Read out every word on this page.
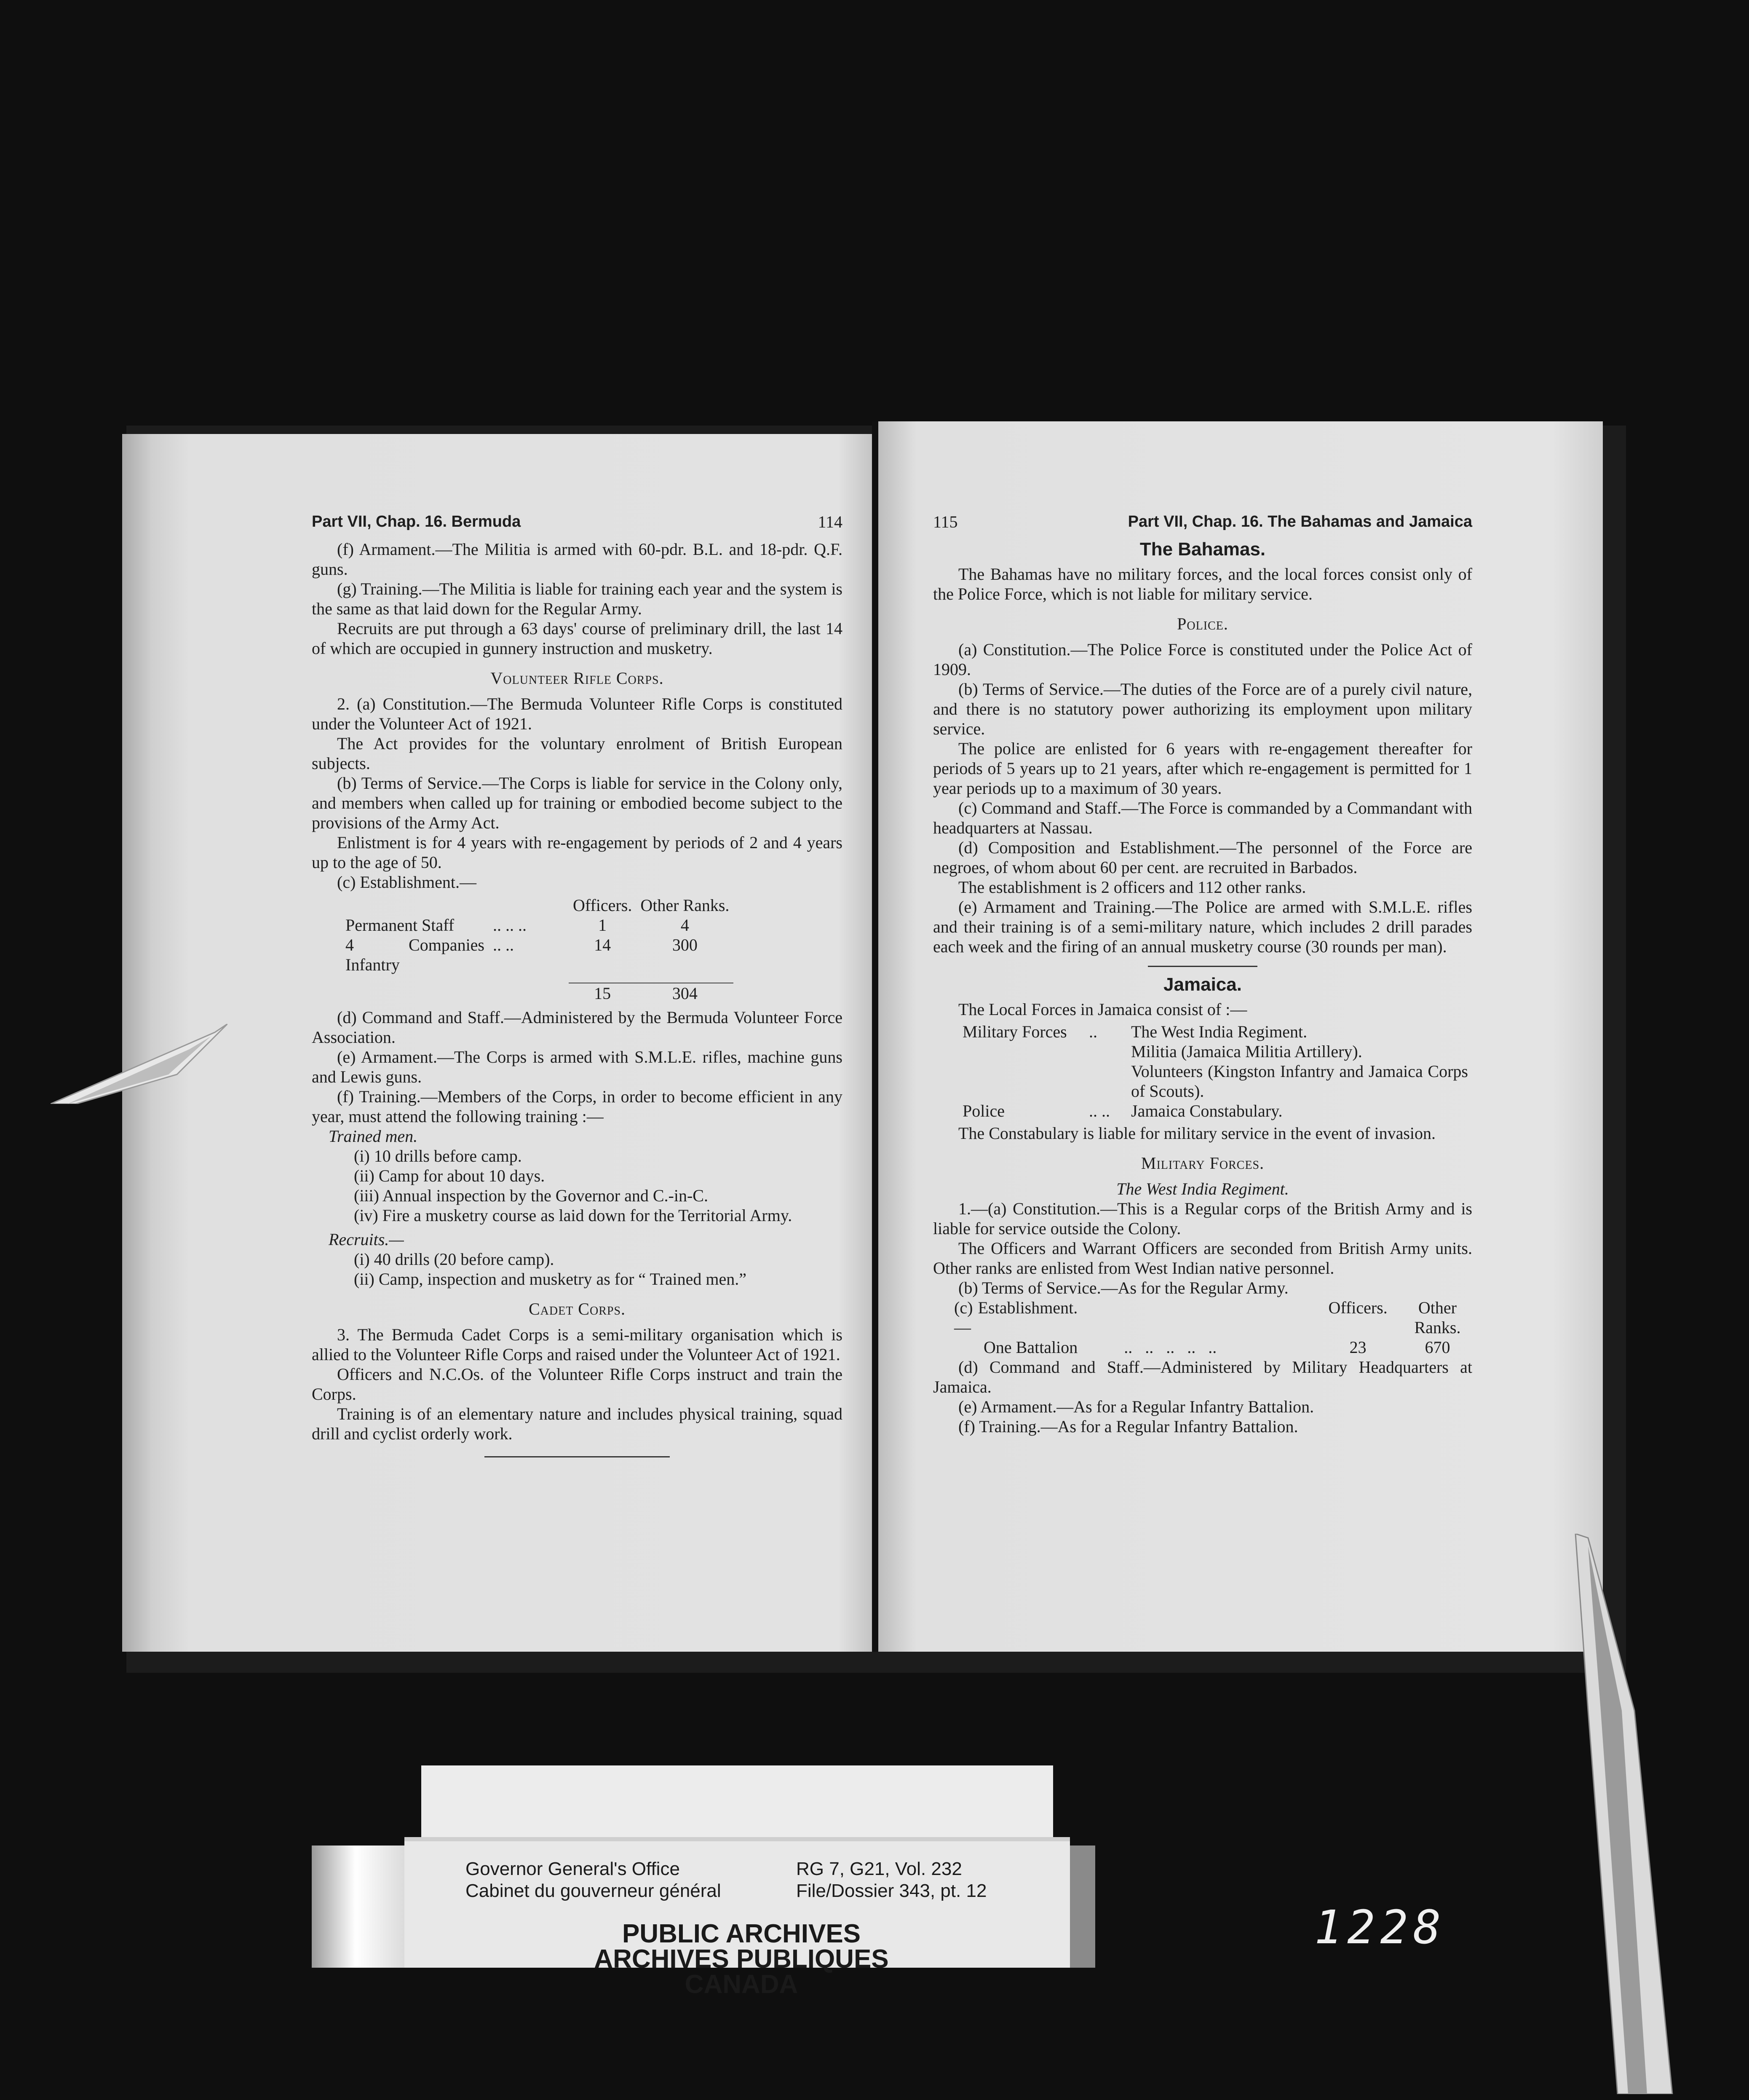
Part VII, Chap. 16. Bermuda	114

(f) Armament.—The Militia is armed with 60-pdr. B.L. and 18-pdr. Q.F. guns.

(g) Training.—The Militia is liable for training each year and the system is the same as that laid down for the Regular Army.

Recruits are put through a 63 days' course of preliminary drill, the last 14 of which are occupied in gunnery instruction and musketry.

Volunteer Rifle Corps.

2. (a) Constitution.—The Bermuda Volunteer Rifle Corps is constituted under the Volunteer Act of 1921.

The Act provides for the voluntary enrolment of British European subjects.

(b) Terms of Service.—The Corps is liable for service in the Colony only, and members when called up for training or embodied become subject to the provisions of the Army Act.

Enlistment is for 4 years with re-engagement by periods of 2 and 4 years up to the age of 50.

(c) Establishment.—

		Officers.	Other Ranks.
Permanent Staff	.. .. ..	1	4
4 Companies Infantry	.. ..	14	300

		15	304

(d) Command and Staff.—Administered by the Bermuda Volunteer Force Association.

(e) Armament.—The Corps is armed with S.M.L.E. rifles, machine guns and Lewis guns.

(f) Training.—Members of the Corps, in order to become efficient in any year, must attend the following training :—

Trained men.

(i) 10 drills before camp.

(ii) Camp for about 10 days.

(iii) Annual inspection by the Governor and C.-in-C.

(iv) Fire a musketry course as laid down for the Territorial Army.

Recruits.—

(i) 40 drills (20 before camp).

(ii) Camp, inspection and musketry as for “ Trained men.”

Cadet Corps.

3. The Bermuda Cadet Corps is a semi-military organisation which is allied to the Volunteer Rifle Corps and raised under the Volunteer Act of 1921.

Officers and N.C.Os. of the Volunteer Rifle Corps instruct and train the Corps.

Training is of an elementary nature and includes physical training, squad drill and cyclist orderly work.

115	Part VII, Chap. 16. The Bahamas and Jamaica

The Bahamas.

The Bahamas have no military forces, and the local forces consist only of the Police Force, which is not liable for military service.

Police.

(a) Constitution.—The Police Force is constituted under the Police Act of 1909.

(b) Terms of Service.—The duties of the Force are of a purely civil nature, and there is no statutory power authorizing its employment upon military service.

The police are enlisted for 6 years with re-engagement thereafter for periods of 5 years up to 21 years, after which re-engagement is permitted for 1 year periods up to a maximum of 30 years.

(c) Command and Staff.—The Force is commanded by a Commandant with headquarters at Nassau.

(d) Composition and Establishment.—The personnel of the Force are negroes, of whom about 60 per cent. are recruited in Barbados.

The establishment is 2 officers and 112 other ranks.

(e) Armament and Training.—The Police are armed with S.M.L.E. rifles and their training is of a semi-military nature, which includes 2 drill parades each week and the firing of an annual musketry course (30 rounds per man).

Jamaica.

The Local Forces in Jamaica consist of :—

Military Forces	..	The West India Regiment.
		Militia (Jamaica Militia Artillery).
		Volunteers (Kingston Infantry and Jamaica Corps of Scouts).
Police	.. ..	Jamaica Constabulary.

The Constabulary is liable for military service in the event of invasion.

Military Forces.

The West India Regiment.

1.—(a) Constitution.—This is a Regular corps of the British Army and is liable for service outside the Colony.

The Officers and Warrant Officers are seconded from British Army units. Other ranks are enlisted from West Indian native personnel.

(b) Terms of Service.—As for the Regular Army.

(c) Establishment.—		Officers.	Other Ranks.
One Battalion	..   ..   ..   ..   ..	23	670

(d) Command and Staff.—Administered by Military Headquarters at Jamaica.

(e) Armament.—As for a Regular Infantry Battalion.

(f) Training.—As for a Regular Infantry Battalion.

Governor General's Office
Cabinet du gouverneur général
RG 7, G21, Vol. 232
File/Dossier 343, pt. 12
PUBLIC ARCHIVES
ARCHIVES PUBLIQUES
CANADA
1228
